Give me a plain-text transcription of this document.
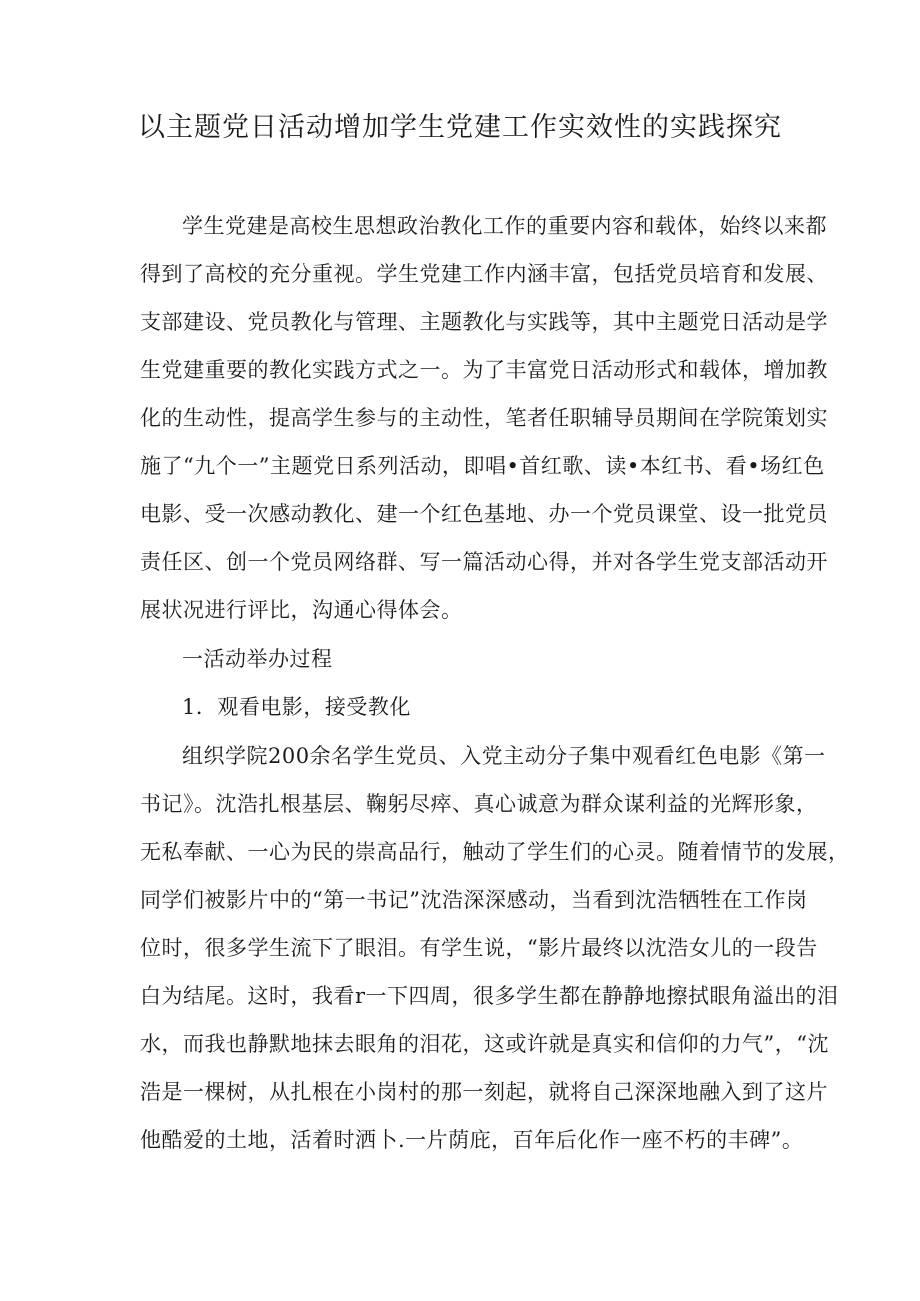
以主题党日活动增加学生党建工作实效性的实践探究

学生党建是高校生思想政治教化工作的重要内容和载体，始终以来都

得到了高校的充分重视。学生党建工作内涵丰富，包括党员培育和发展、

支部建设、党员教化与管理、主题教化与实践等，其中主题党日活动是学

生党建重要的教化实践方式之一。为了丰富党日活动形式和载体，增加教

化的生动性，提高学生参与的主动性，笔者任职辅导员期间在学院策划实

施了“九个一”主题党日系列活动，即唱•首红歌、读•本红书、看•场红色

电影、受一次感动教化、建一个红色基地、办一个党员课堂、设一批党员

责任区、创一个党员网络群、写一篇活动心得，并对各学生党支部活动开

展状况进行评比，沟通心得体会。

一活动举办过程

1．观看电影，接受教化

组织学院200余名学生党员、入党主动分子集中观看红色电影《第一

书记》。沈浩扎根基层、鞠躬尽瘁、真心诚意为群众谋利益的光辉形象，

无私奉献、一心为民的崇高品行，触动了学生们的心灵。随着情节的发展，

同学们被影片中的“第一书记”沈浩深深感动，当看到沈浩牺牲在工作岗

位时，很多学生流下了眼泪。有学生说，“影片最终以沈浩女儿的一段告

白为结尾。这时，我看r一下四周，很多学生都在静静地擦拭眼角溢出的泪

水，而我也静默地抹去眼角的泪花，这或许就是真实和信仰的力气”，“沈

浩是一棵树，从扎根在小岗村的那一刻起，就将自己深深地融入到了这片

他酷爱的土地，活着时洒卜.一片荫庇，百年后化作一座不朽的丰碑”。
